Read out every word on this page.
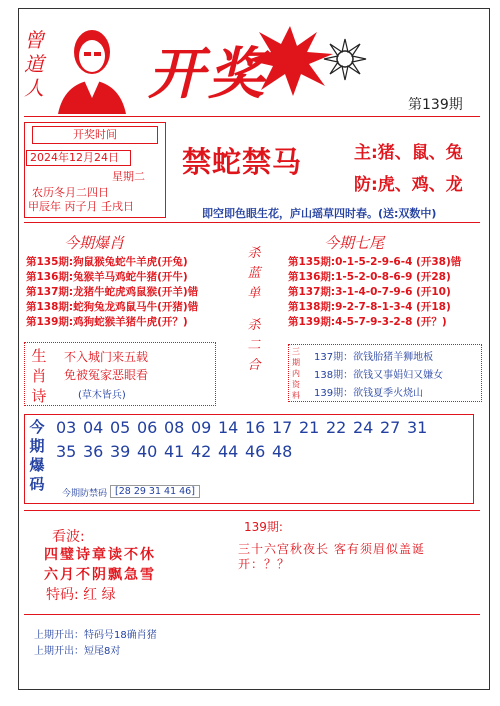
曾
道
人 开奖	第139期
开奖时间
2024年12月24日
星期二
农历冬月二四日
甲辰年 丙子月 壬戌日
禁蛇禁马	主:猪、鼠、兔
防:虎、鸡、龙
即空即色眼生花，庐山瑶草四时春。(送:双数中)
今期爆肖
第135期:狗鼠猴兔蛇牛羊虎(开兔)
第136期:兔猴羊马鸡蛇牛猪(开牛)
第137期:龙猪牛蛇虎鸡鼠猴(开羊)错
第138期:蛇狗兔龙鸡鼠马牛(开猪)错
第139期:鸡狗蛇猴羊猪牛虎(开？)
杀
蓝
单
杀
二
合
今期七尾
第135期:0-1-5-2-9-6-4 (开38)错
第136期:1-5-2-0-8-6-9 (开28)
第137期:3-1-4-0-7-9-6 (开10)
第138期:9-2-7-8-1-3-4 (开18)
第139期:4-5-7-9-3-2-8 (开？)
生
肖
诗
不入城门来五载
免被冤家恶眼看
(草木皆兵)
三
期
内
资
料
137期：欲钱胎猪羊狮地板
138期：欲钱又事娟妇又嫌女
139期：欲钱夏季火烧山
今
期
爆
码
03 04 05 06 08 09 14 16 17 21 22 24 27 31
35 36 39 40 41 42 44 46 48
今期防禁码 [28 29 31 41 46]
看波:
四璧诗章读不休
六月不阴飘急雪
特码: 红 绿
139期:
三十六宫秋夜长 客有须眉似盖诞开：？？
上期开出：特码号18确肖猪
上期开出：短尾8对
